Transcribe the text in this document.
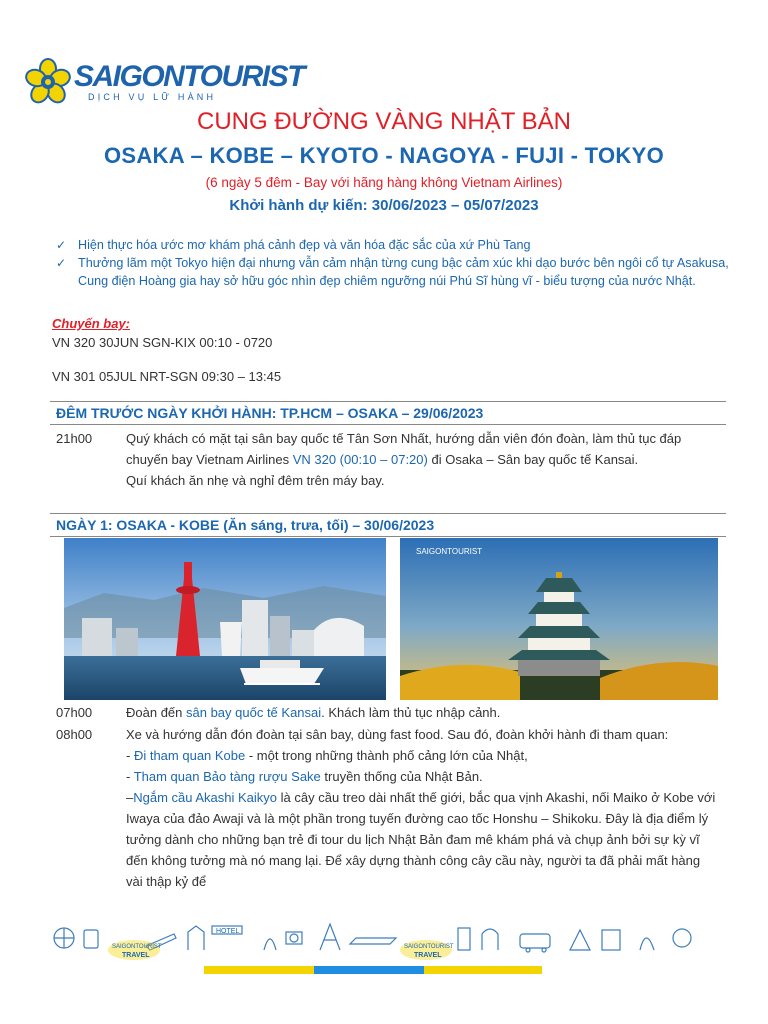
SAIGONTOURIST
DỊCH VỤ LỮ HÀNH
CUNG ĐƯỜNG VÀNG NHẬT BẢN
OSAKA – KOBE – KYOTO - NAGOYA - FUJI - TOKYO
(6 ngày 5 đêm - Bay với hãng hàng không Vietnam Airlines)
Khởi hành dự kiến: 30/06/2023 – 05/07/2023
✓ Hiện thực hóa ước mơ khám phá cảnh đẹp và văn hóa đặc sắc của xứ Phù Tang
✓ Thưởng lãm một Tokyo hiện đại nhưng vẫn cảm nhận từng cung bậc cảm xúc khi dạo bước bên ngôi cổ tự Asakusa, Cung điện Hoàng gia hay sở hữu góc nhìn đẹp chiêm ngưỡng núi Phú Sĩ hùng vĩ - biểu tượng của nước Nhật.
Chuyến bay:
VN 320 30JUN SGN-KIX 00:10 - 0720
VN 301 05JUL NRT-SGN 09:30 – 13:45
ĐÊM TRƯỚC NGÀY KHỞI HÀNH: TP.HCM – OSAKA – 29/06/2023
21h00	Quý khách có mặt tại sân bay quốc tế Tân Sơn Nhất, hướng dẫn viên đón đoàn, làm thủ tục đáp chuyến bay Vietnam Airlines VN 320 (00:10 – 07:20) đi Osaka – Sân bay quốc tế Kansai.
Quí khách ăn nhẹ và nghỉ đêm trên máy bay.
NGÀY 1: OSAKA - KOBE (Ăn sáng, trưa, tối) – 30/06/2023
SAIGONTOURIST
07h00	Đoàn đến sân bay quốc tế Kansai. Khách làm thủ tục nhập cảnh.
08h00	Xe và hướng dẫn đón đoàn tại sân bay, dùng fast food. Sau đó, đoàn khởi hành đi tham quan:
- Đi tham quan Kobe - một trong những thành phố cảng lớn của Nhật,
- Tham quan Bảo tàng rượu Sake truyền thống của Nhật Bản.
–Ngắm cầu Akashi Kaikyo là cây cầu treo dài nhất thế giới, bắc qua vịnh Akashi, nối Maiko ở Kobe với Iwaya của đảo Awaji và là một phần trong tuyến đường cao tốc Honshu – Shikoku. Đây là địa điểm lý tưởng dành cho những bạn trẻ đi tour du lịch Nhật Bản đam mê khám phá và chụp ảnh bởi sự kỳ vĩ đến không tưởng mà nó mang lại. Để xây dựng thành công cây cầu này, người ta đã phải mất hàng vài thập kỷ để
HOTEL
SAIGONTOURIST
TRAVEL
SAIGONTOURIST
TRAVEL
